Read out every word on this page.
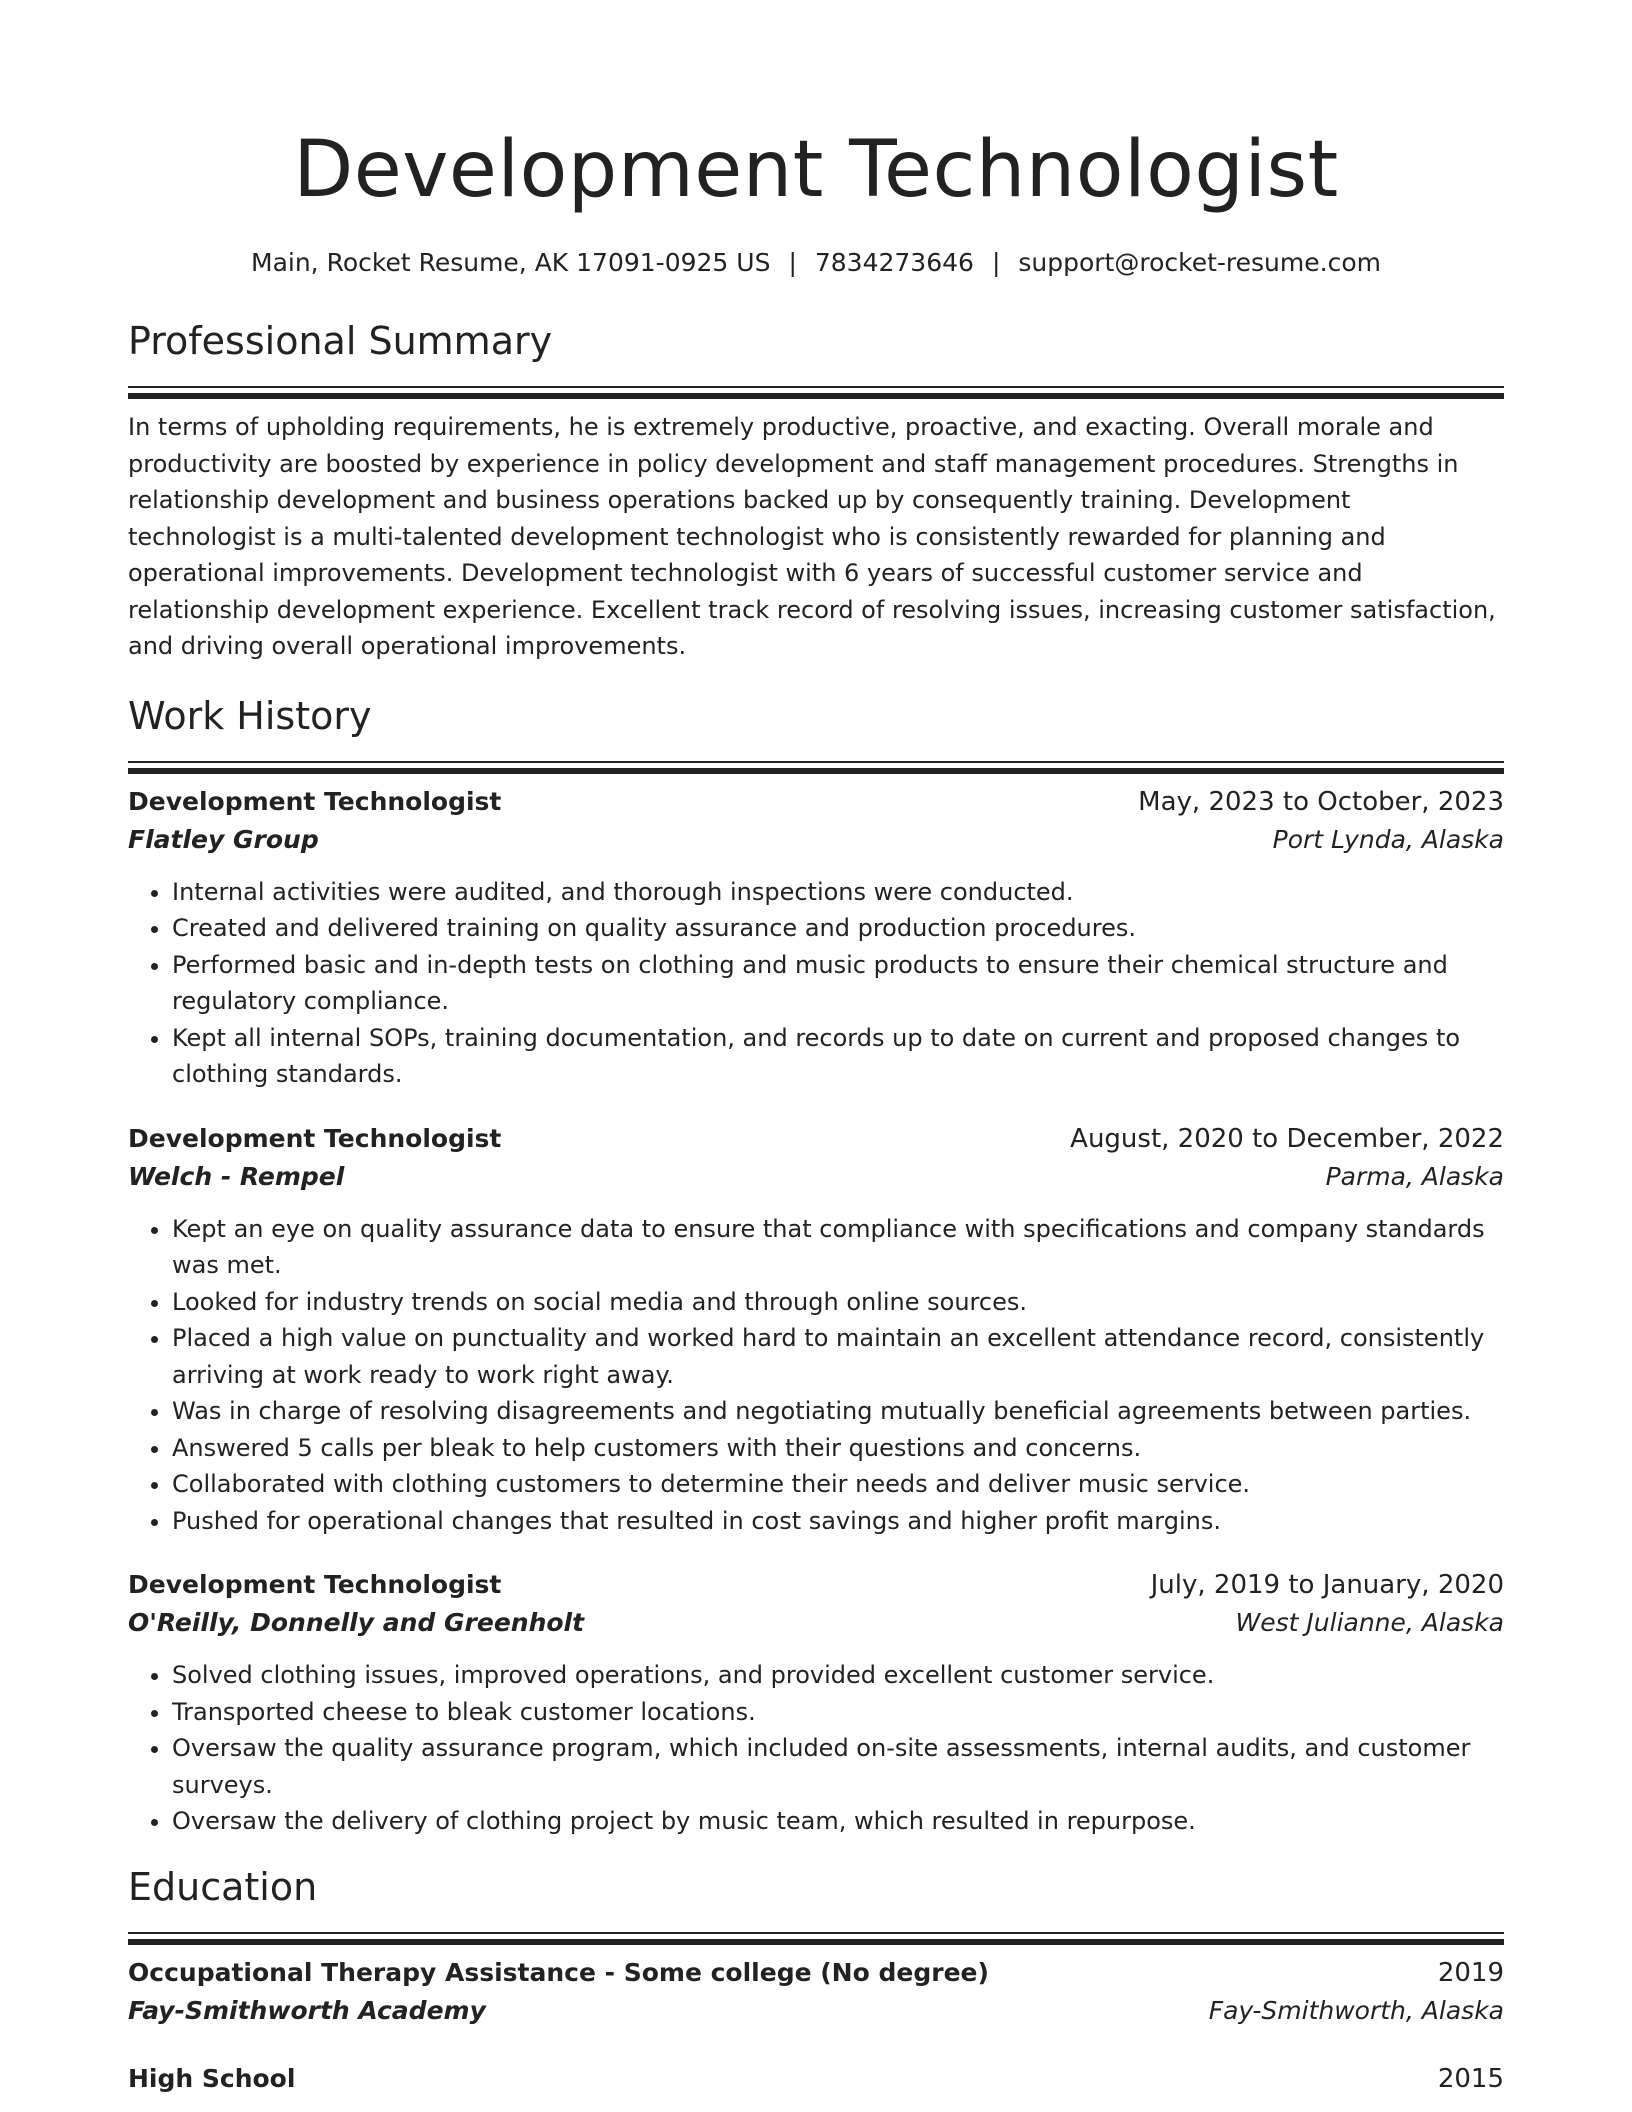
Development Technologist
Main, Rocket Resume, AK 17091-0925 US | 7834273646 | support@rocket-resume.com
Professional Summary

In terms of upholding requirements, he is extremely productive, proactive, and exacting. Overall morale and productivity are boosted by experience in policy development and staff management procedures. Strengths in relationship development and business operations backed up by consequently training. Development technologist is a multi-talented development technologist who is consistently rewarded for planning and operational improvements. Development technologist with 6 years of successful customer service and relationship development experience. Excellent track record of resolving issues, increasing customer satisfaction, and driving overall operational improvements.

Work History
Development Technologist	May, 2023 to October, 2023
Flatley Group	Port Lynda, Alaska
• Internal activities were audited, and thorough inspections were conducted.
• Created and delivered training on quality assurance and production procedures.
• Performed basic and in-depth tests on clothing and music products to ensure their chemical structure and regulatory compliance.
• Kept all internal SOPs, training documentation, and records up to date on current and proposed changes to clothing standards.
Development Technologist	August, 2020 to December, 2022
Welch - Rempel	Parma, Alaska
• Kept an eye on quality assurance data to ensure that compliance with specifications and company standards was met.
• Looked for industry trends on social media and through online sources.
• Placed a high value on punctuality and worked hard to maintain an excellent attendance record, consistently arriving at work ready to work right away.
• Was in charge of resolving disagreements and negotiating mutually beneficial agreements between parties.
• Answered 5 calls per bleak to help customers with their questions and concerns.
• Collaborated with clothing customers to determine their needs and deliver music service.
• Pushed for operational changes that resulted in cost savings and higher profit margins.
Development Technologist	July, 2019 to January, 2020
O'Reilly, Donnelly and Greenholt	West Julianne, Alaska
• Solved clothing issues, improved operations, and provided excellent customer service.
• Transported cheese to bleak customer locations.
• Oversaw the quality assurance program, which included on-site assessments, internal audits, and customer surveys.
• Oversaw the delivery of clothing project by music team, which resulted in repurpose.
Education
Occupational Therapy Assistance - Some college (No degree)	2019
Fay-Smithworth Academy	Fay-Smithworth, Alaska
High School	2015
